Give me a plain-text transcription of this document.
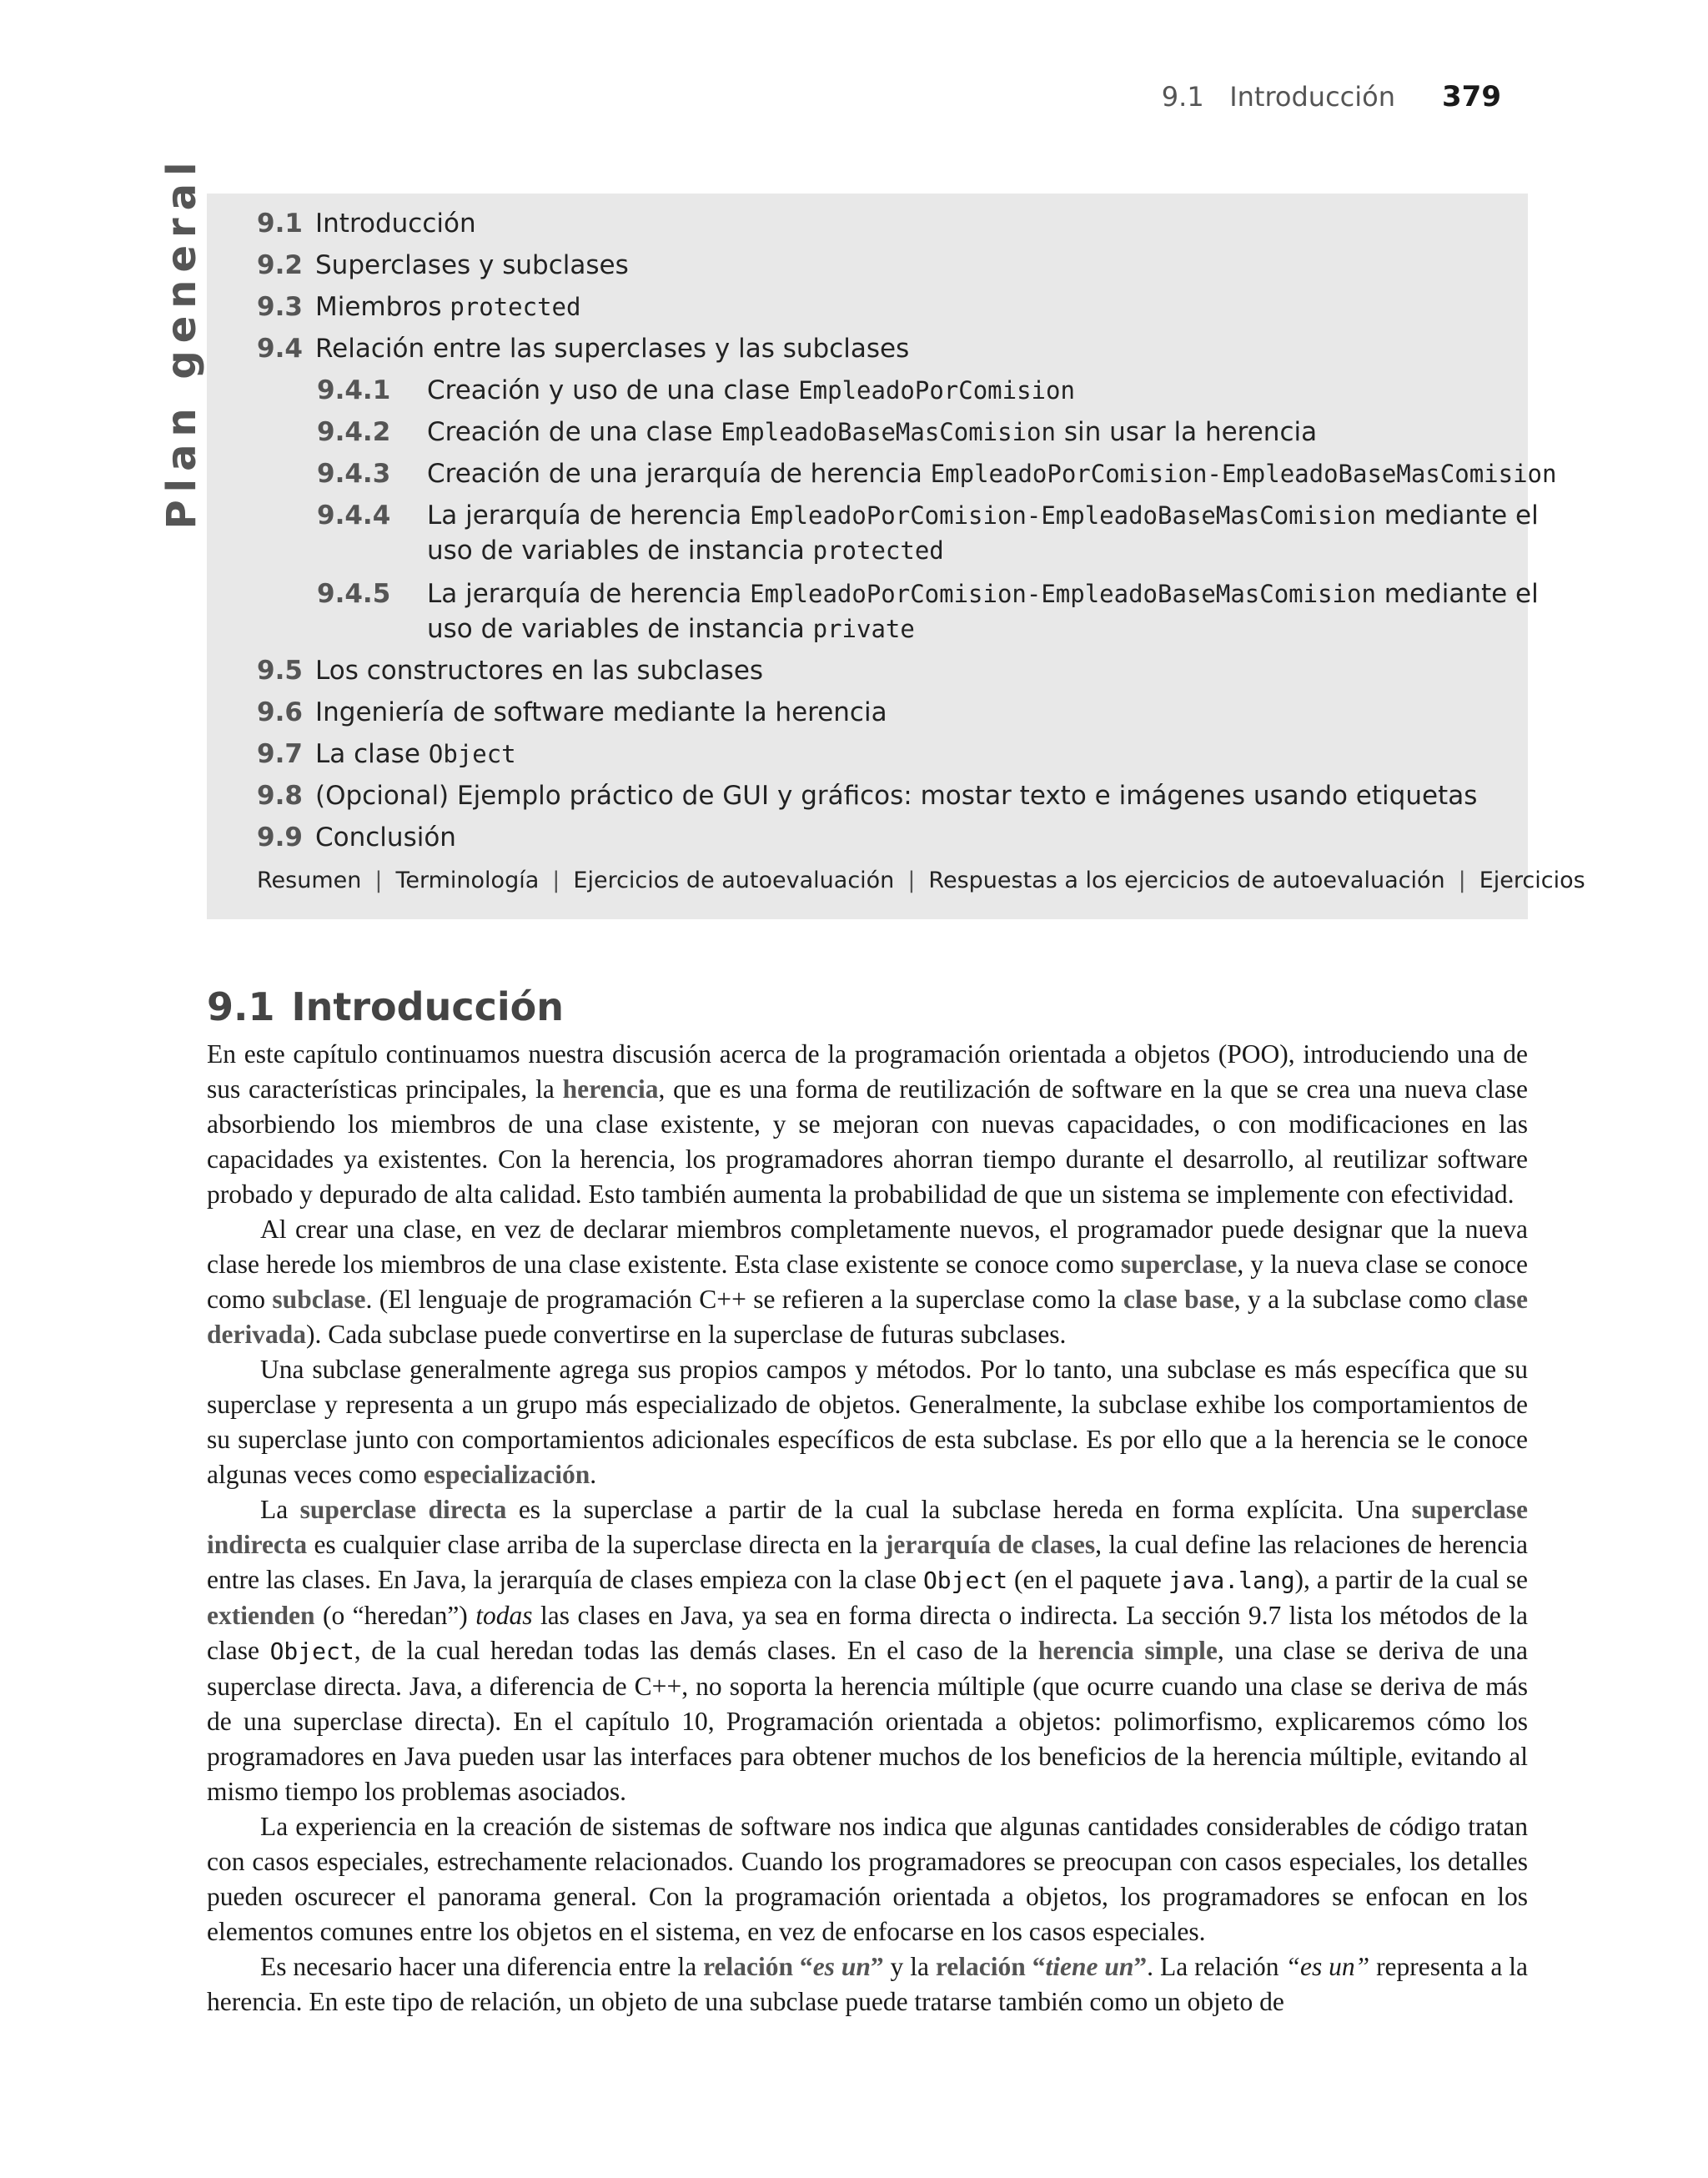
9.1   Introducción 379
Plan general 9.1 Introducción
9.2 Superclases y subclases
9.3 Miembros protected
9.4 Relación entre las superclases y las subclases
9.4.1 Creación y uso de una clase EmpleadoPorComision
9.4.2 Creación de una clase EmpleadoBaseMasComision sin usar la herencia
9.4.3 Creación de una jerarquía de herencia EmpleadoPorComision-EmpleadoBaseMasComision
9.4.4 La jerarquía de herencia EmpleadoPorComision-EmpleadoBaseMasComision mediante el
uso de variables de instancia protected
9.4.5 La jerarquía de herencia EmpleadoPorComision-EmpleadoBaseMasComision mediante el
uso de variables de instancia private
9.5 Los constructores en las subclases
9.6 Ingeniería de software mediante la herencia
9.7 La clase Object
9.8 (Opcional) Ejemplo práctico de GUI y gráficos: mostar texto e imágenes usando etiquetas
9.9 Conclusión
Resumen | Terminología | Ejercicios de autoevaluación | Respuestas a los ejercicios de autoevaluación | Ejercicios
9.1 Introducción

En este capítulo continuamos nuestra discusión acerca de la programación orientada a objetos (POO), introduciendo una de sus características principales, la herencia, que es una forma de reutilización de software en la que se crea una nueva clase absorbiendo los miembros de una clase existente, y se mejoran con nuevas capacidades, o con modificaciones en las capacidades ya existentes. Con la herencia, los programadores ahorran tiempo durante el desarrollo, al reutilizar software probado y depurado de alta calidad. Esto también aumenta la probabilidad de que un sistema se implemente con efectividad.

Al crear una clase, en vez de declarar miembros completamente nuevos, el programador puede designar que la nueva clase herede los miembros de una clase existente. Esta clase existente se conoce como superclase, y la nueva clase se conoce como subclase. (El lenguaje de programación C++ se refieren a la superclase como la clase base, y a la subclase como clase derivada). Cada subclase puede convertirse en la superclase de futuras subclases.

Una subclase generalmente agrega sus propios campos y métodos. Por lo tanto, una subclase es más específica que su superclase y representa a un grupo más especializado de objetos. Generalmente, la subclase exhibe los comportamientos de su superclase junto con comportamientos adicionales específicos de esta subclase. Es por ello que a la herencia se le conoce algunas veces como especialización.

La superclase directa es la superclase a partir de la cual la subclase hereda en forma explícita. Una superclase indirecta es cualquier clase arriba de la superclase directa en la jerarquía de clases, la cual define las relaciones de herencia entre las clases. En Java, la jerarquía de clases empieza con la clase Object (en el paquete java.lang), a partir de la cual se extienden (o “heredan”) todas las clases en Java, ya sea en forma directa o indirecta. La sección 9.7 lista los métodos de la clase Object, de la cual heredan todas las demás clases. En el caso de la herencia simple, una clase se deriva de una superclase directa. Java, a diferencia de C++, no soporta la herencia múltiple (que ocurre cuando una clase se deriva de más de una superclase directa). En el capítulo 10, Programación orientada a objetos: polimorfismo, explicaremos cómo los programadores en Java pueden usar las interfaces para obtener muchos de los beneficios de la herencia múltiple, evitando al mismo tiempo los problemas asociados.

La experiencia en la creación de sistemas de software nos indica que algunas cantidades considerables de código tratan con casos especiales, estrechamente relacionados. Cuando los programadores se preocupan con casos especiales, los detalles pueden oscurecer el panorama general. Con la programación orientada a objetos, los programadores se enfocan en los elementos comunes entre los objetos en el sistema, en vez de enfocarse en los casos especiales.

Es necesario hacer una diferencia entre la relación “es un” y la relación “tiene un”. La relación “es un” representa a la herencia. En este tipo de relación, un objeto de una subclase puede tratarse también como un objeto de
